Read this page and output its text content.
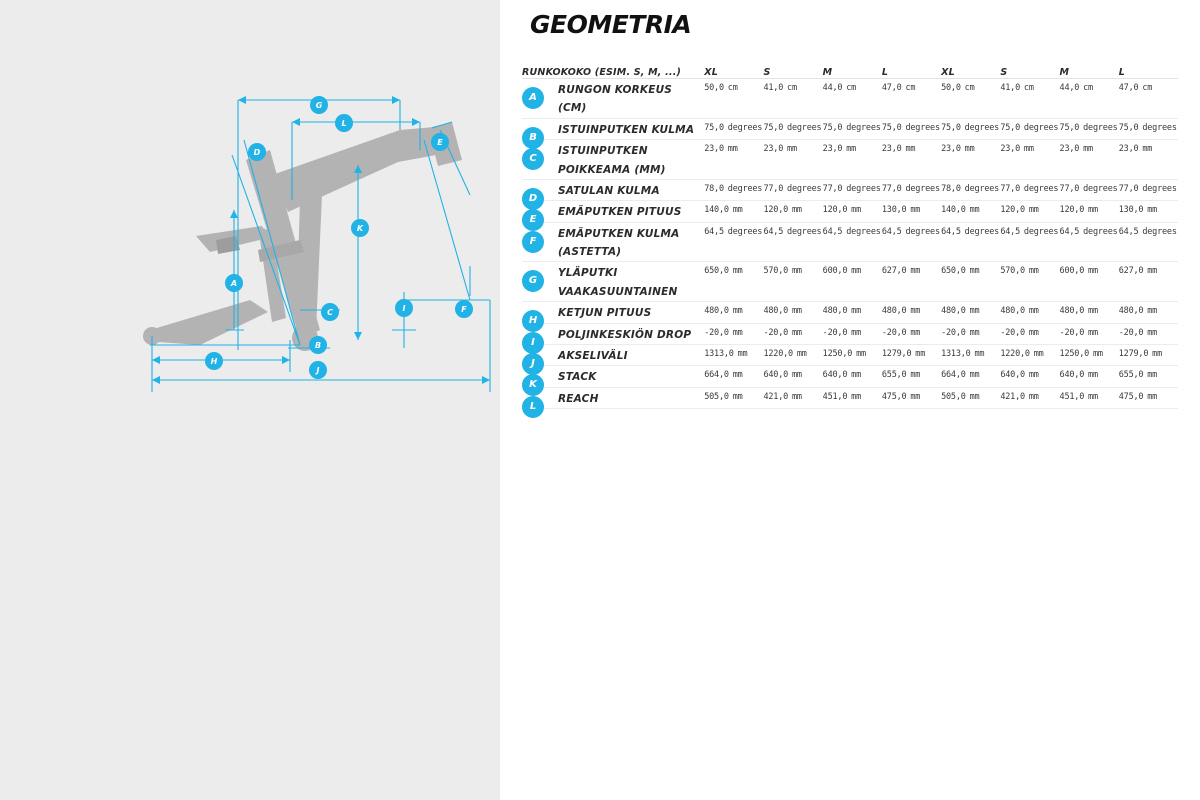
G
L
D
E
A
K
C
B
I	F
H
J
GEOMETRIA
RUNKOKOKO (ESIM. S, M, ...)	XL	S	M	L	XL	S	M	L

A
RUNGON KORKEUS (CM)	50,0 cm	41,0 cm	44,0 cm	47,0 cm	50,0 cm	41,0 cm	44,0 cm	47,0 cm

B
ISTUINPUTKEN KULMA	75,0 degrees	75,0 degrees	75,0 degrees	75,0 degrees	75,0 degrees	75,0 degrees	75,0 degrees	75,0 degrees

C
ISTUINPUTKEN POIKKEAMA (MM)	23,0 mm	23,0 mm	23,0 mm	23,0 mm	23,0 mm	23,0 mm	23,0 mm	23,0 mm

D
SATULAN KULMA	78,0 degrees	77,0 degrees	77,0 degrees	77,0 degrees	78,0 degrees	77,0 degrees	77,0 degrees	77,0 degrees

E
EMÄPUTKEN PITUUS	140,0 mm	120,0 mm	120,0 mm	130,0 mm	140,0 mm	120,0 mm	120,0 mm	130,0 mm

F
EMÄPUTKEN KULMA (ASTETTA)	64,5 degrees	64,5 degrees	64,5 degrees	64,5 degrees	64,5 degrees	64,5 degrees	64,5 degrees	64,5 degrees

G
YLÄPUTKI VAAKASUUNTAINEN	650,0 mm	570,0 mm	600,0 mm	627,0 mm	650,0 mm	570,0 mm	600,0 mm	627,0 mm

H
KETJUN PITUUS	480,0 mm	480,0 mm	480,0 mm	480,0 mm	480,0 mm	480,0 mm	480,0 mm	480,0 mm

I
POLJINKESKIÖN DROP	-20,0 mm	-20,0 mm	-20,0 mm	-20,0 mm	-20,0 mm	-20,0 mm	-20,0 mm	-20,0 mm

J
AKSELIVÄLI	1313,0 mm	1220,0 mm	1250,0 mm	1279,0 mm	1313,0 mm	1220,0 mm	1250,0 mm	1279,0 mm

K
STACK	664,0 mm	640,0 mm	640,0 mm	655,0 mm	664,0 mm	640,0 mm	640,0 mm	655,0 mm

L
REACH	505,0 mm	421,0 mm	451,0 mm	475,0 mm	505,0 mm	421,0 mm	451,0 mm	475,0 mm
